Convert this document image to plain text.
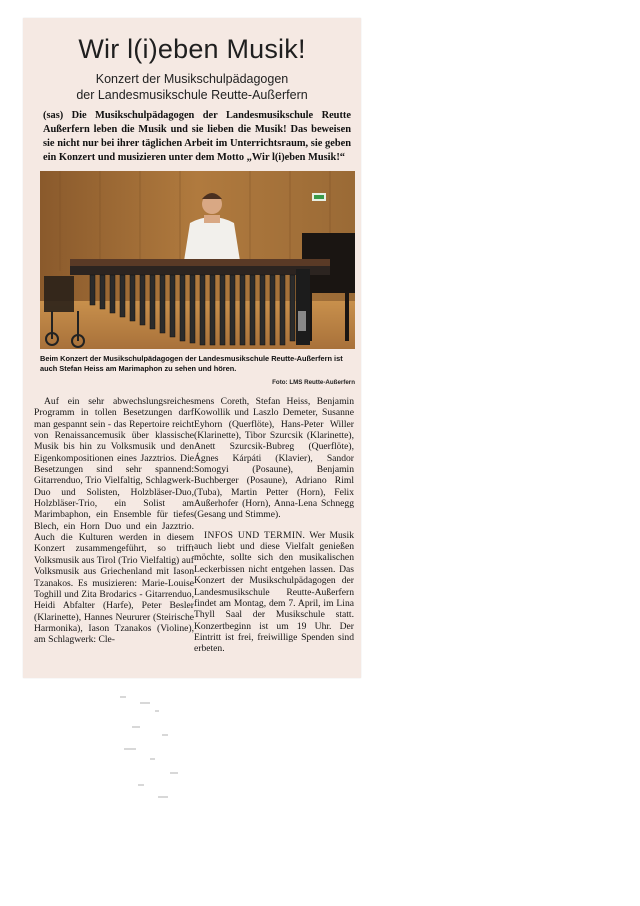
Wir l(i)eben Musik!
Konzert der Musikschulpädagogen
der Landesmusikschule Reutte-Außerfern
(sas) Die Musikschulpädagogen der Landesmusikschule Reutte Außerfern leben die Musik und sie lieben die Musik! Das beweisen sie nicht nur bei ihrer täglichen Arbeit im Unterrichtsraum, sie geben ein Konzert und musizieren unter dem Motto „Wir l(i)eben Musik!“
Beim Konzert der Musikschulpädagogen der Landesmusikschule Reutte-Außerfern ist auch Stefan Heiss am Marimaphon zu sehen und hören.
Foto: LMS Reutte-Außerfern

Auf ein sehr abwechslungsreiches Programm in tollen Besetzungen darf man gespannt sein - das Repertoire reicht von Renaissancemusik über klassische Musik bis hin zu Volksmusik und den Eigenkompositionen eines Jazztrios. Die Besetzungen sind sehr spannend: Gitarrenduo, Trio Vielfaltig, Schlagwerk-Duo und Solisten, Holzbläser-Duo, Holzbläser-Trio, ein Solist am Marimbaphon, ein Ensemble für tiefes Blech, ein Horn Duo und ein Jazztrio. Auch die Kulturen werden in diesem Konzert zusammengeführt, so trifft Volksmusik aus Tirol (Trio Vielfaltig) auf Volksmusik aus Griechenland mit Iason Tzanakos. Es musizieren: Marie-Louise Toghill und Zita Brodarics - Gitarrenduo, Heidi Abfalter (Harfe), Peter Besler (Klarinette), Hannes Neururer (Steirische Harmonika), Iason Tzanakos (Violine), am Schlagwerk: Cle-

mens Coreth, Stefan Heiss, Benjamin Kowollik und Laszlo Demeter, Susanne Eyhorn (Querflöte), Hans-Peter Willer (Klarinette), Tibor Szurcsik (Klarinette), Anett Szurcsik-Bubreg (Querflöte), Ágnes Kárpáti (Klavier), Sandor Somogyi (Posaune), Benjamin Buchberger (Posaune), Adriano Riml (Tuba), Martin Petter (Horn), Felix Außerhofer (Horn), Anna-Lena Schnegg (Gesang und Stimme).

INFOS UND TERMIN. Wer Musik auch liebt und diese Vielfalt genießen möchte, sollte sich den musikalischen Leckerbissen nicht entgehen lassen. Das Konzert der Musikschulpädagogen der Landesmusikschule Reutte-Außerfern findet am Montag, dem 7. April, im Lina Thyll Saal der Musikschule statt. Konzertbeginn ist um 19 Uhr. Der Eintritt ist frei, freiwillige Spenden sind erbeten.
